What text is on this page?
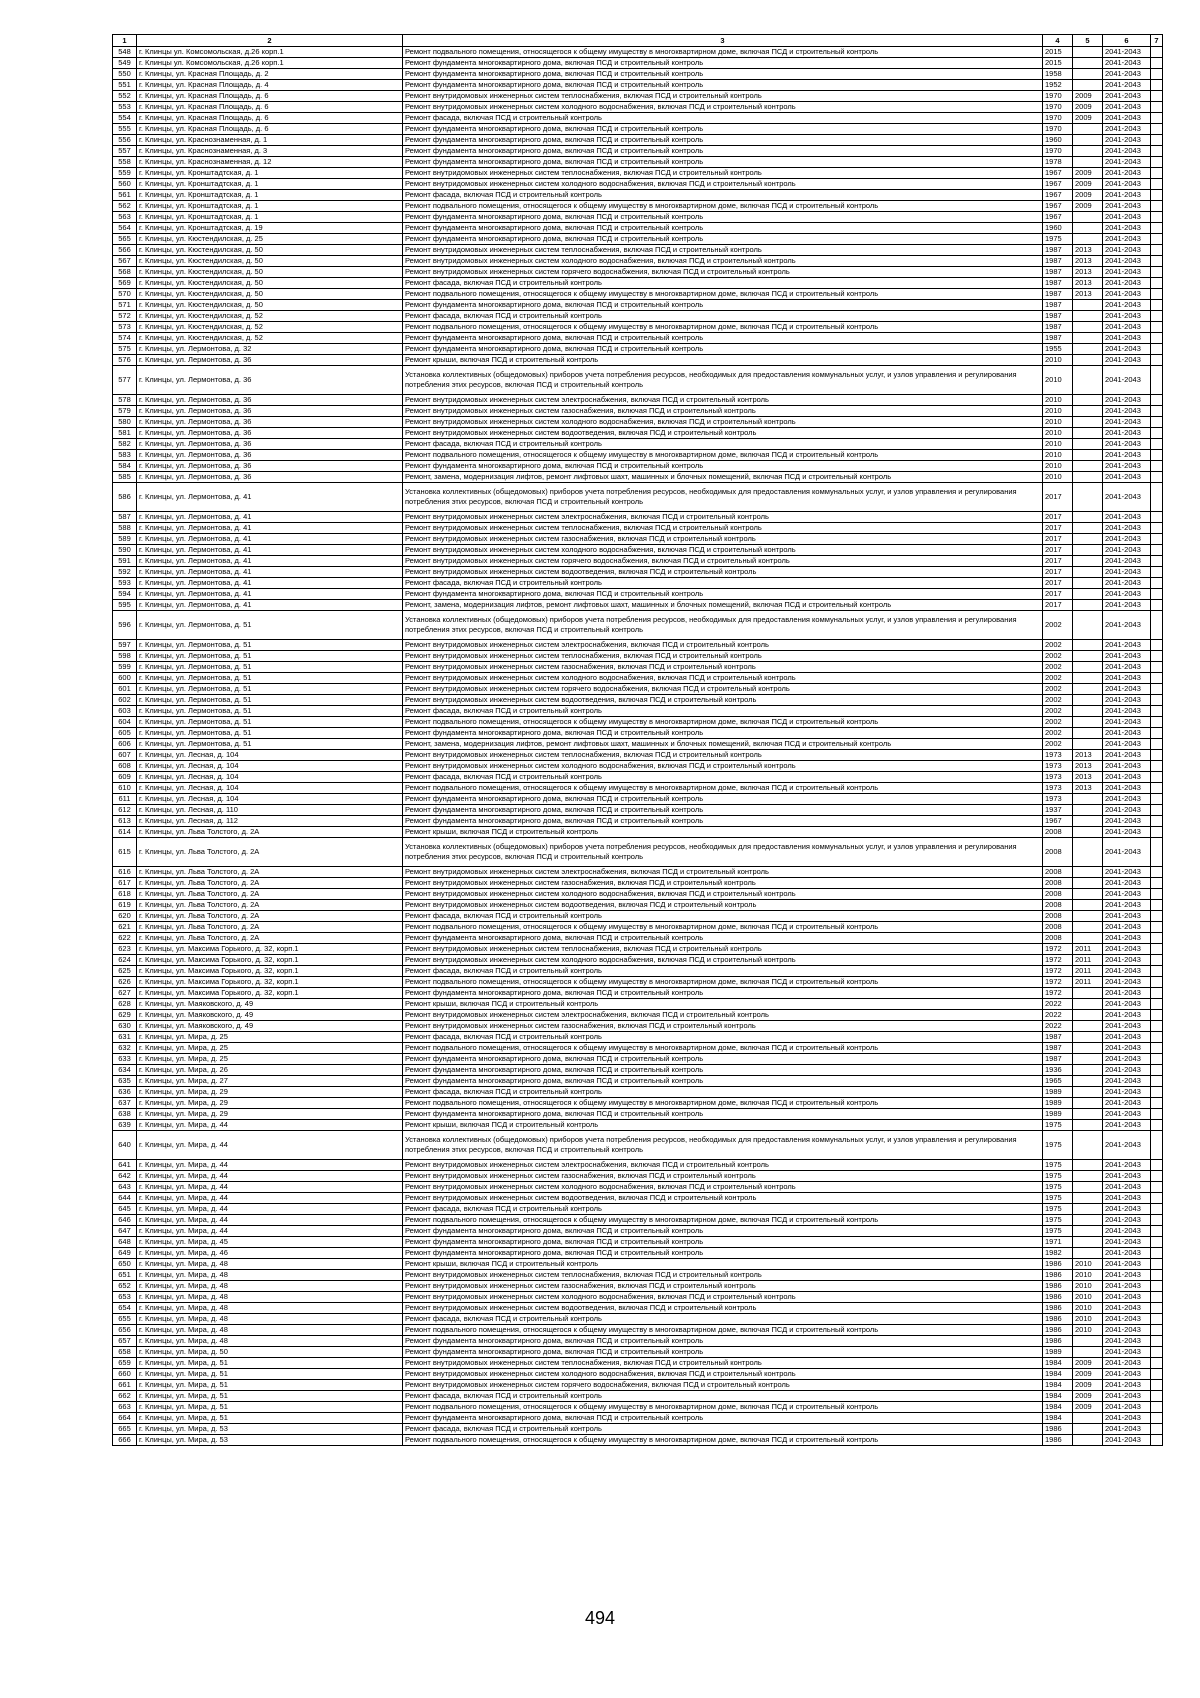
1	2	3	4	5	6	7
548	г. Клинцы ул. Комсомольская, д.26 корп.1	Ремонт подвального помещения, относящегося к общему имуществу в многоквартирном доме, включая ПСД и строительный контроль	2015		2041-2043	
549	г. Клинцы ул. Комсомольская, д.26 корп.1	Ремонт фундамента многоквартирного дома, включая ПСД и строительный контроль	2015		2041-2043	
550	г. Клинцы, ул. Красная Площадь, д. 2	Ремонт фундамента многоквартирного дома, включая ПСД и строительный контроль	1958		2041-2043	
551	г. Клинцы, ул. Красная Площадь, д. 4	Ремонт фундамента многоквартирного дома, включая ПСД и строительный контроль	1952		2041-2043	
552	г. Клинцы, ул. Красная Площадь, д. 6	Ремонт внутридомовых инженерных систем теплоснабжения, включая ПСД и строительный контроль	1970	2009	2041-2043	
553	г. Клинцы, ул. Красная Площадь, д. 6	Ремонт внутридомовых инженерных систем холодного водоснабжения, включая ПСД и строительный контроль	1970	2009	2041-2043	
554	г. Клинцы, ул. Красная Площадь, д. 6	Ремонт фасада, включая ПСД и строительный контроль	1970	2009	2041-2043	
555	г. Клинцы, ул. Красная Площадь, д. 6	Ремонт фундамента многоквартирного дома, включая ПСД и строительный контроль	1970		2041-2043	
556	г. Клинцы, ул. Краснознаменная, д. 1	Ремонт фундамента многоквартирного дома, включая ПСД и строительный контроль	1960		2041-2043	
557	г. Клинцы, ул. Краснознаменная, д. 3	Ремонт фундамента многоквартирного дома, включая ПСД и строительный контроль	1970		2041-2043	
558	г. Клинцы, ул. Краснознаменная, д. 12	Ремонт фундамента многоквартирного дома, включая ПСД и строительный контроль	1978		2041-2043	
559	г. Клинцы, ул. Кронштадтская, д. 1	Ремонт внутридомовых инженерных систем теплоснабжения, включая ПСД и строительный контроль	1967	2009	2041-2043	
560	г. Клинцы, ул. Кронштадтская, д. 1	Ремонт внутридомовых инженерных систем холодного водоснабжения, включая ПСД и строительный контроль	1967	2009	2041-2043	
561	г. Клинцы, ул. Кронштадтская, д. 1	Ремонт фасада, включая ПСД и строительный контроль	1967	2009	2041-2043	
562	г. Клинцы, ул. Кронштадтская, д. 1	Ремонт подвального помещения, относящегося к общему имуществу в многоквартирном доме, включая ПСД и строительный контроль	1967	2009	2041-2043	
563	г. Клинцы, ул. Кронштадтская, д. 1	Ремонт фундамента многоквартирного дома, включая ПСД и строительный контроль	1967		2041-2043	
564	г. Клинцы, ул. Кронштадтская, д. 19	Ремонт фундамента многоквартирного дома, включая ПСД и строительный контроль	1960		2041-2043	
565	г. Клинцы, ул. Кюстендилская, д. 25	Ремонт фундамента многоквартирного дома, включая ПСД и строительный контроль	1975		2041-2043	
566	г. Клинцы, ул. Кюстендилская, д. 50	Ремонт внутридомовых инженерных систем теплоснабжения, включая ПСД и строительный контроль	1987	2013	2041-2043	
567	г. Клинцы, ул. Кюстендилская, д. 50	Ремонт внутридомовых инженерных систем холодного водоснабжения, включая ПСД и строительный контроль	1987	2013	2041-2043	
568	г. Клинцы, ул. Кюстендилская, д. 50	Ремонт внутридомовых инженерных систем горячего водоснабжения, включая ПСД и строительный контроль	1987	2013	2041-2043	
569	г. Клинцы, ул. Кюстендилская, д. 50	Ремонт фасада, включая ПСД и строительный контроль	1987	2013	2041-2043	
570	г. Клинцы, ул. Кюстендилская, д. 50	Ремонт подвального помещения, относящегося к общему имуществу в многоквартирном доме, включая ПСД и строительный контроль	1987	2013	2041-2043	
571	г. Клинцы, ул. Кюстендилская, д. 50	Ремонт фундамента многоквартирного дома, включая ПСД и строительный контроль	1987		2041-2043	
572	г. Клинцы, ул. Кюстендилская, д. 52	Ремонт фасада, включая ПСД и строительный контроль	1987		2041-2043	
573	г. Клинцы, ул. Кюстендилская, д. 52	Ремонт подвального помещения, относящегося к общему имуществу в многоквартирном доме, включая ПСД и строительный контроль	1987		2041-2043	
574	г. Клинцы, ул. Кюстендилская, д. 52	Ремонт фундамента многоквартирного дома, включая ПСД и строительный контроль	1987		2041-2043	
575	г. Клинцы, ул. Лермонтова, д. 32	Ремонт фундамента многоквартирного дома, включая ПСД и строительный контроль	1955		2041-2043	
576	г. Клинцы, ул. Лермонтова, д. 36	Ремонт крыши, включая ПСД и строительный контроль	2010		2041-2043	
577	г. Клинцы, ул. Лермонтова, д. 36	Установка коллективных (общедомовых) приборов учета потребления ресурсов, необходимых для предоставления коммунальных услуг, и узлов управления и регулирования потребления этих ресурсов, включая ПСД и строительный контроль	2010		2041-2043	
578	г. Клинцы, ул. Лермонтова, д. 36	Ремонт внутридомовых инженерных систем электроснабжения, включая ПСД и строительный контроль	2010		2041-2043	
579	г. Клинцы, ул. Лермонтова, д. 36	Ремонт внутридомовых инженерных систем газоснабжения, включая ПСД и строительный контроль	2010		2041-2043	
580	г. Клинцы, ул. Лермонтова, д. 36	Ремонт внутридомовых инженерных систем холодного водоснабжения, включая ПСД и строительный контроль	2010		2041-2043	
581	г. Клинцы, ул. Лермонтова, д. 36	Ремонт внутридомовых инженерных систем водоотведения, включая ПСД и строительный контроль	2010		2041-2043	
582	г. Клинцы, ул. Лермонтова, д. 36	Ремонт фасада, включая ПСД и строительный контроль	2010		2041-2043	
583	г. Клинцы, ул. Лермонтова, д. 36	Ремонт подвального помещения, относящегося к общему имуществу в многоквартирном доме, включая ПСД и строительный контроль	2010		2041-2043	
584	г. Клинцы, ул. Лермонтова, д. 36	Ремонт фундамента многоквартирного дома, включая ПСД и строительный контроль	2010		2041-2043	
585	г. Клинцы, ул. Лермонтова, д. 36	Ремонт, замена, модернизация лифтов, ремонт лифтовых шахт, машинных и блочных помещений, включая ПСД и строительный контроль	2010		2041-2043	
586	г. Клинцы, ул. Лермонтова, д. 41	Установка коллективных (общедомовых) приборов учета потребления ресурсов, необходимых для предоставления коммунальных услуг, и узлов управления и регулирования потребления этих ресурсов, включая ПСД и строительный контроль	2017		2041-2043	
587	г. Клинцы, ул. Лермонтова, д. 41	Ремонт внутридомовых инженерных систем электроснабжения, включая ПСД и строительный контроль	2017		2041-2043	
588	г. Клинцы, ул. Лермонтова, д. 41	Ремонт внутридомовых инженерных систем теплоснабжения, включая ПСД и строительный контроль	2017		2041-2043	
589	г. Клинцы, ул. Лермонтова, д. 41	Ремонт внутридомовых инженерных систем газоснабжения, включая ПСД и строительный контроль	2017		2041-2043	
590	г. Клинцы, ул. Лермонтова, д. 41	Ремонт внутридомовых инженерных систем холодного водоснабжения, включая ПСД и строительный контроль	2017		2041-2043	
591	г. Клинцы, ул. Лермонтова, д. 41	Ремонт внутридомовых инженерных систем горячего водоснабжения, включая ПСД и строительный контроль	2017		2041-2043	
592	г. Клинцы, ул. Лермонтова, д. 41	Ремонт внутридомовых инженерных систем водоотведения, включая ПСД и строительный контроль	2017		2041-2043	
593	г. Клинцы, ул. Лермонтова, д. 41	Ремонт фасада, включая ПСД и строительный контроль	2017		2041-2043	
594	г. Клинцы, ул. Лермонтова, д. 41	Ремонт фундамента многоквартирного дома, включая ПСД и строительный контроль	2017		2041-2043	
595	г. Клинцы, ул. Лермонтова, д. 41	Ремонт, замена, модернизация лифтов, ремонт лифтовых шахт, машинных и блочных помещений, включая ПСД и строительный контроль	2017		2041-2043	
596	г. Клинцы, ул. Лермонтова, д. 51	Установка коллективных (общедомовых) приборов учета потребления ресурсов, необходимых для предоставления коммунальных услуг, и узлов управления и регулирования потребления этих ресурсов, включая ПСД и строительный контроль	2002		2041-2043	
597	г. Клинцы, ул. Лермонтова, д. 51	Ремонт внутридомовых инженерных систем электроснабжения, включая ПСД и строительный контроль	2002		2041-2043	
598	г. Клинцы, ул. Лермонтова, д. 51	Ремонт внутридомовых инженерных систем теплоснабжения, включая ПСД и строительный контроль	2002		2041-2043	
599	г. Клинцы, ул. Лермонтова, д. 51	Ремонт внутридомовых инженерных систем газоснабжения, включая ПСД и строительный контроль	2002		2041-2043	
600	г. Клинцы, ул. Лермонтова, д. 51	Ремонт внутридомовых инженерных систем холодного водоснабжения, включая ПСД и строительный контроль	2002		2041-2043	
601	г. Клинцы, ул. Лермонтова, д. 51	Ремонт внутридомовых инженерных систем горячего водоснабжения, включая ПСД и строительный контроль	2002		2041-2043	
602	г. Клинцы, ул. Лермонтова, д. 51	Ремонт внутридомовых инженерных систем водоотведения, включая ПСД и строительный контроль	2002		2041-2043	
603	г. Клинцы, ул. Лермонтова, д. 51	Ремонт фасада, включая ПСД и строительный контроль	2002		2041-2043	
604	г. Клинцы, ул. Лермонтова, д. 51	Ремонт подвального помещения, относящегося к общему имуществу в многоквартирном доме, включая ПСД и строительный контроль	2002		2041-2043	
605	г. Клинцы, ул. Лермонтова, д. 51	Ремонт фундамента многоквартирного дома, включая ПСД и строительный контроль	2002		2041-2043	
606	г. Клинцы, ул. Лермонтова, д. 51	Ремонт, замена, модернизация лифтов, ремонт лифтовых шахт, машинных и блочных помещений, включая ПСД и строительный контроль	2002		2041-2043	
607	г. Клинцы, ул. Лесная, д. 104	Ремонт внутридомовых инженерных систем теплоснабжения, включая ПСД и строительный контроль	1973	2013	2041-2043	
608	г. Клинцы, ул. Лесная, д. 104	Ремонт внутридомовых инженерных систем холодного водоснабжения, включая ПСД и строительный контроль	1973	2013	2041-2043	
609	г. Клинцы, ул. Лесная, д. 104	Ремонт фасада, включая ПСД и строительный контроль	1973	2013	2041-2043	
610	г. Клинцы, ул. Лесная, д. 104	Ремонт подвального помещения, относящегося к общему имуществу в многоквартирном доме, включая ПСД и строительный контроль	1973	2013	2041-2043	
611	г. Клинцы, ул. Лесная, д. 104	Ремонт фундамента многоквартирного дома, включая ПСД и строительный контроль	1973		2041-2043	
612	г. Клинцы, ул. Лесная, д. 110	Ремонт фундамента многоквартирного дома, включая ПСД и строительный контроль	1937		2041-2043	
613	г. Клинцы, ул. Лесная, д. 112	Ремонт фундамента многоквартирного дома, включая ПСД и строительный контроль	1967		2041-2043	
614	г. Клинцы, ул. Льва Толстого, д. 2А	Ремонт крыши, включая ПСД и строительный контроль	2008		2041-2043	
615	г. Клинцы, ул. Льва Толстого, д. 2А	Установка коллективных (общедомовых) приборов учета потребления ресурсов, необходимых для предоставления коммунальных услуг, и узлов управления и регулирования потребления этих ресурсов, включая ПСД и строительный контроль	2008		2041-2043	
616	г. Клинцы, ул. Льва Толстого, д. 2А	Ремонт внутридомовых инженерных систем электроснабжения, включая ПСД и строительный контроль	2008		2041-2043	
617	г. Клинцы, ул. Льва Толстого, д. 2А	Ремонт внутридомовых инженерных систем газоснабжения, включая ПСД и строительный контроль	2008		2041-2043	
618	г. Клинцы, ул. Льва Толстого, д. 2А	Ремонт внутридомовых инженерных систем холодного водоснабжения, включая ПСД и строительный контроль	2008		2041-2043	
619	г. Клинцы, ул. Льва Толстого, д. 2А	Ремонт внутридомовых инженерных систем водоотведения, включая ПСД и строительный контроль	2008		2041-2043	
620	г. Клинцы, ул. Льва Толстого, д. 2А	Ремонт фасада, включая ПСД и строительный контроль	2008		2041-2043	
621	г. Клинцы, ул. Льва Толстого, д. 2А	Ремонт подвального помещения, относящегося к общему имуществу в многоквартирном доме, включая ПСД и строительный контроль	2008		2041-2043	
622	г. Клинцы, ул. Льва Толстого, д. 2А	Ремонт фундамента многоквартирного дома, включая ПСД и строительный контроль	2008		2041-2043	
623	г. Клинцы, ул. Максима Горького, д. 32, корп.1	Ремонт внутридомовых инженерных систем теплоснабжения, включая ПСД и строительный контроль	1972	2011	2041-2043	
624	г. Клинцы, ул. Максима Горького, д. 32, корп.1	Ремонт внутридомовых инженерных систем холодного водоснабжения, включая ПСД и строительный контроль	1972	2011	2041-2043	
625	г. Клинцы, ул. Максима Горького, д. 32, корп.1	Ремонт фасада, включая ПСД и строительный контроль	1972	2011	2041-2043	
626	г. Клинцы, ул. Максима Горького, д. 32, корп.1	Ремонт подвального помещения, относящегося к общему имуществу в многоквартирном доме, включая ПСД и строительный контроль	1972	2011	2041-2043	
627	г. Клинцы, ул. Максима Горького, д. 32, корп.1	Ремонт фундамента многоквартирного дома, включая ПСД и строительный контроль	1972		2041-2043	
628	г. Клинцы, ул. Маяковского, д. 49	Ремонт крыши, включая ПСД и строительный контроль	2022		2041-2043	
629	г. Клинцы, ул. Маяковского, д. 49	Ремонт внутридомовых инженерных систем электроснабжения, включая ПСД и строительный контроль	2022		2041-2043	
630	г. Клинцы, ул. Маяковского, д. 49	Ремонт внутридомовых инженерных систем газоснабжения, включая ПСД и строительный контроль	2022		2041-2043	
631	г. Клинцы, ул. Мира, д. 25	Ремонт фасада, включая ПСД и строительный контроль	1987		2041-2043	
632	г. Клинцы, ул. Мира, д. 25	Ремонт подвального помещения, относящегося к общему имуществу в многоквартирном доме, включая ПСД и строительный контроль	1987		2041-2043	
633	г. Клинцы, ул. Мира, д. 25	Ремонт фундамента многоквартирного дома, включая ПСД и строительный контроль	1987		2041-2043	
634	г. Клинцы, ул. Мира, д. 26	Ремонт фундамента многоквартирного дома, включая ПСД и строительный контроль	1936		2041-2043	
635	г. Клинцы, ул. Мира, д. 27	Ремонт фундамента многоквартирного дома, включая ПСД и строительный контроль	1965		2041-2043	
636	г. Клинцы, ул. Мира, д. 29	Ремонт фасада, включая ПСД и строительный контроль	1989		2041-2043	
637	г. Клинцы, ул. Мира, д. 29	Ремонт подвального помещения, относящегося к общему имуществу в многоквартирном доме, включая ПСД и строительный контроль	1989		2041-2043	
638	г. Клинцы, ул. Мира, д. 29	Ремонт фундамента многоквартирного дома, включая ПСД и строительный контроль	1989		2041-2043	
639	г. Клинцы, ул. Мира, д. 44	Ремонт крыши, включая ПСД и строительный контроль	1975		2041-2043	
640	г. Клинцы, ул. Мира, д. 44	Установка коллективных (общедомовых) приборов учета потребления ресурсов, необходимых для предоставления коммунальных услуг, и узлов управления и регулирования потребления этих ресурсов, включая ПСД и строительный контроль	1975		2041-2043	
641	г. Клинцы, ул. Мира, д. 44	Ремонт внутридомовых инженерных систем электроснабжения, включая ПСД и строительный контроль	1975		2041-2043	
642	г. Клинцы, ул. Мира, д. 44	Ремонт внутридомовых инженерных систем газоснабжения, включая ПСД и строительный контроль	1975		2041-2043	
643	г. Клинцы, ул. Мира, д. 44	Ремонт внутридомовых инженерных систем холодного водоснабжения, включая ПСД и строительный контроль	1975		2041-2043	
644	г. Клинцы, ул. Мира, д. 44	Ремонт внутридомовых инженерных систем водоотведения, включая ПСД и строительный контроль	1975		2041-2043	
645	г. Клинцы, ул. Мира, д. 44	Ремонт фасада, включая ПСД и строительный контроль	1975		2041-2043	
646	г. Клинцы, ул. Мира, д. 44	Ремонт подвального помещения, относящегося к общему имуществу в многоквартирном доме, включая ПСД и строительный контроль	1975		2041-2043	
647	г. Клинцы, ул. Мира, д. 44	Ремонт фундамента многоквартирного дома, включая ПСД и строительный контроль	1975		2041-2043	
648	г. Клинцы, ул. Мира, д. 45	Ремонт фундамента многоквартирного дома, включая ПСД и строительный контроль	1971		2041-2043	
649	г. Клинцы, ул. Мира, д. 46	Ремонт фундамента многоквартирного дома, включая ПСД и строительный контроль	1982		2041-2043	
650	г. Клинцы, ул. Мира, д. 48	Ремонт крыши, включая ПСД и строительный контроль	1986	2010	2041-2043	
651	г. Клинцы, ул. Мира, д. 48	Ремонт внутридомовых инженерных систем теплоснабжения, включая ПСД и строительный контроль	1986	2010	2041-2043	
652	г. Клинцы, ул. Мира, д. 48	Ремонт внутридомовых инженерных систем газоснабжения, включая ПСД и строительный контроль	1986	2010	2041-2043	
653	г. Клинцы, ул. Мира, д. 48	Ремонт внутридомовых инженерных систем холодного водоснабжения, включая ПСД и строительный контроль	1986	2010	2041-2043	
654	г. Клинцы, ул. Мира, д. 48	Ремонт внутридомовых инженерных систем водоотведения, включая ПСД и строительный контроль	1986	2010	2041-2043	
655	г. Клинцы, ул. Мира, д. 48	Ремонт фасада, включая ПСД и строительный контроль	1986	2010	2041-2043	
656	г. Клинцы, ул. Мира, д. 48	Ремонт подвального помещения, относящегося к общему имуществу в многоквартирном доме, включая ПСД и строительный контроль	1986	2010	2041-2043	
657	г. Клинцы, ул. Мира, д. 48	Ремонт фундамента многоквартирного дома, включая ПСД и строительный контроль	1986		2041-2043	
658	г. Клинцы, ул. Мира, д. 50	Ремонт фундамента многоквартирного дома, включая ПСД и строительный контроль	1989		2041-2043	
659	г. Клинцы, ул. Мира, д. 51	Ремонт внутридомовых инженерных систем теплоснабжения, включая ПСД и строительный контроль	1984	2009	2041-2043	
660	г. Клинцы, ул. Мира, д. 51	Ремонт внутридомовых инженерных систем холодного водоснабжения, включая ПСД и строительный контроль	1984	2009	2041-2043	
661	г. Клинцы, ул. Мира, д. 51	Ремонт внутридомовых инженерных систем горячего водоснабжения, включая ПСД и строительный контроль	1984	2009	2041-2043	
662	г. Клинцы, ул. Мира, д. 51	Ремонт фасада, включая ПСД и строительный контроль	1984	2009	2041-2043	
663	г. Клинцы, ул. Мира, д. 51	Ремонт подвального помещения, относящегося к общему имуществу в многоквартирном доме, включая ПСД и строительный контроль	1984	2009	2041-2043	
664	г. Клинцы, ул. Мира, д. 51	Ремонт фундамента многоквартирного дома, включая ПСД и строительный контроль	1984		2041-2043	
665	г. Клинцы, ул. Мира, д. 53	Ремонт фасада, включая ПСД и строительный контроль	1986		2041-2043	
666	г. Клинцы, ул. Мира, д. 53	Ремонт подвального помещения, относящегося к общему имуществу в многоквартирном доме, включая ПСД и строительный контроль	1986		2041-2043	
494
